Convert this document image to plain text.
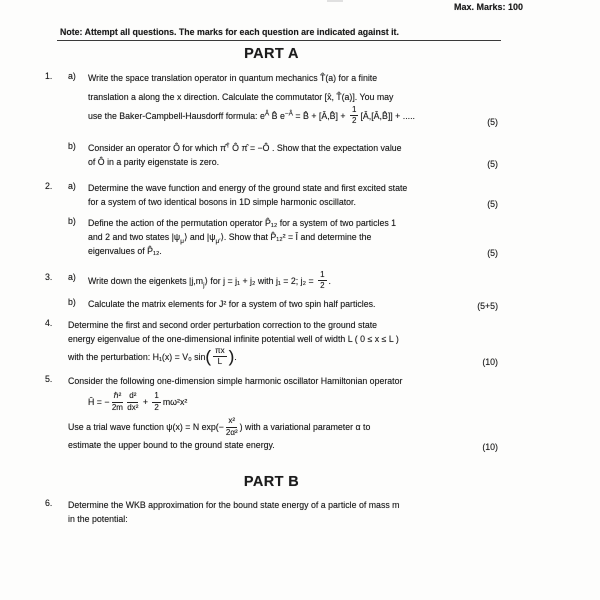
Max. Marks: 100
Note: Attempt all questions. The marks for each question are indicated against it.
PART A
1.	a)	Write the space translation operator in quantum mechanics T̂(a) for a finite
translation a along the x direction. Calculate the commutator [x̂, T̂(a)]. You may
use the Baker-Campbell-Hausdorff formula: $e^Â$ B̂ $e^{-Â}$ = B̂ + [Â,B̂] + $\frac{1}{2}$ [Â,[Â,B̂]] + .....
(5)
b)	Consider an operator Ô for which π̂† Ô π̂ = −Ô . Show that the expectation value
of Ô in a parity eigenstate is zero.	(5)
2.	a)	Determine the wave function and energy of the ground state and first excited state
for a system of two identical bosons in 1D simple harmonic oscillator.	(5)
b)	Define the action of the permutation operator P̂₁₂ for a system of two particles 1
and 2 and two states $|\psi_\mu⟩$ and $|\psi_{\mu'}⟩$. Show that P̂₁₂² = Î and determine the
eigenvalues of P̂₁₂.	(5)
3.	a)	Write down the eigenkets $|j,m_j⟩$ for j = j₁ + j₂ with j₁ = 2; $j_2 = \frac{1}{2}$ .
b)	Calculate the matrix elements for J² for a system of two spin half particles.	(5+5)
4.	Determine the first and second order perturbation correction to the ground state
energy eigenvalue of the one-dimensional infinite potential well of width L ( 0 ≤ x ≤ L )
with the perturbation: H₁(x) = V₀ $\sin( \frac{\pi x}{L}$ ).
(10)
5.	Consider the following one-dimension simple harmonic oscillator Hamiltonian operator
Ĥ = − $\frac{\text{ℏ²}}{2m} \frac{\text{d²}}{\text{dx²}} + \frac{1}{2} m\omega^2x^2$
Use a trial wave function ψ(x) = N $\exp(- \frac{\text{x²}}{\text{2α²}}$ ) with a variational parameter α to
estimate the upper bound to the ground state energy.	(10)
PART B
6.	Determine the WKB approximation for the bound state energy of a particle of mass m
in the potential:
